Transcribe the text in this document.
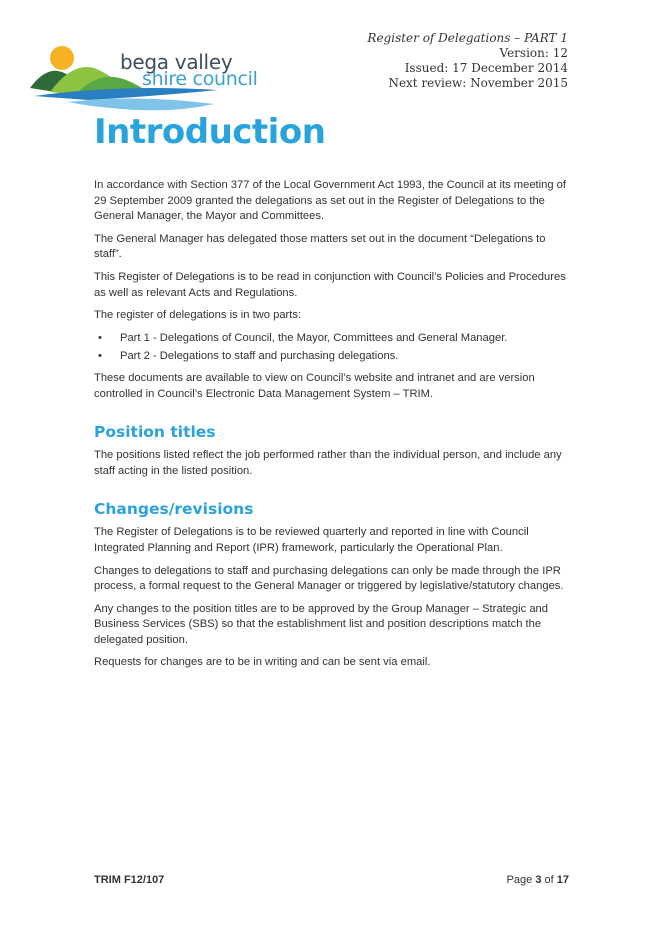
bega valley
shire council
Register of Delegations – PART 1
Version: 12
Issued: 17 December 2014
Next review: November 2015
Introduction

In accordance with Section 377 of the Local Government Act 1993, the Council at its meeting of 29 September 2009 granted the delegations as set out in the Register of Delegations to the General Manager, the Mayor and Committees.

The General Manager has delegated those matters set out in the document “Delegations to staff”.

This Register of Delegations is to be read in conjunction with Council’s Policies and Procedures as well as relevant Acts and Regulations.

The register of delegations is in two parts:

• Part 1 - Delegations of Council, the Mayor, Committees and General Manager.
• Part 2 - Delegations to staff and purchasing delegations.

These documents are available to view on Council’s website and intranet and are version controlled in Council’s Electronic Data Management System – TRIM.

Position titles

The positions listed reflect the job performed rather than the individual person, and include any staff acting in the listed position.

Changes/revisions

The Register of Delegations is to be reviewed quarterly and reported in line with Council Integrated Planning and Report (IPR) framework, particularly the Operational Plan.

Changes to delegations to staff and purchasing delegations can only be made through the IPR process, a formal request to the General Manager or triggered by legislative/statutory changes.

Any changes to the position titles are to be approved by the Group Manager – Strategic and Business Services (SBS) so that the establishment list and position descriptions match the delegated position.

Requests for changes are to be in writing and can be sent via email.

TRIM F12/107	Page 3 of 17
